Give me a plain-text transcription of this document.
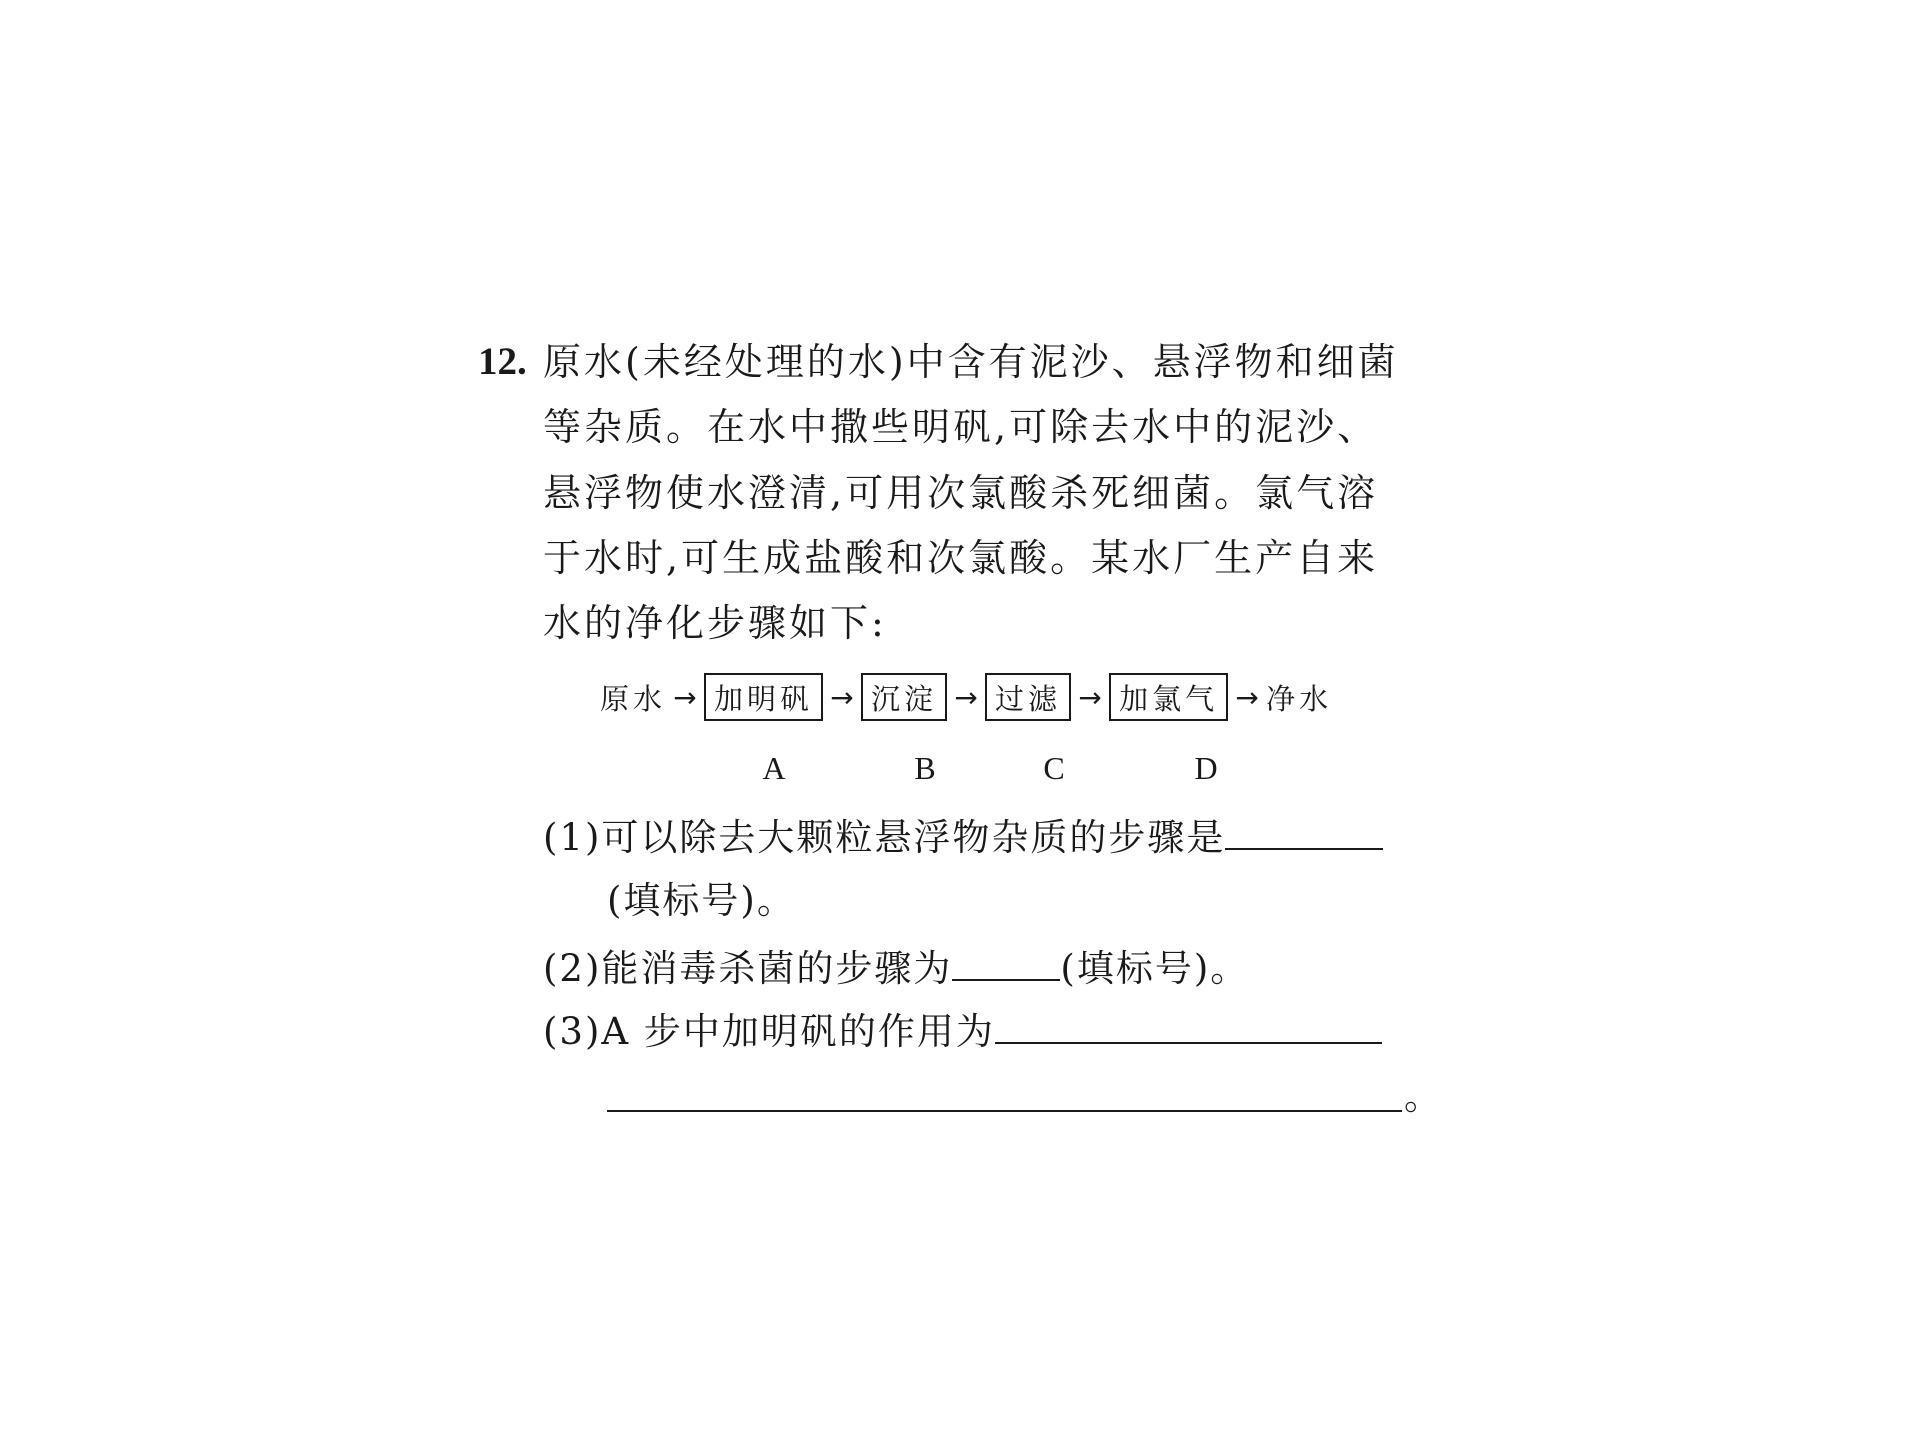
12. 原水(未经处理的水)中含有泥沙、悬浮物和细菌
等杂质。在水中撒些明矾,可除去水中的泥沙、
悬浮物使水澄清,可用次氯酸杀死细菌。氯气溶
于水时,可生成盐酸和次氯酸。某水厂生产自来
水的净化步骤如下:
原水 → 加明矾 → 沉淀 → 过滤 → 加氯气 → 净水
A	B	C	D
(1)可以除去大颗粒悬浮物杂质的步骤是
(填标号)。
(2)能消毒杀菌的步骤为	(填标号)。
(3)A 步中加明矾的作用为
。
